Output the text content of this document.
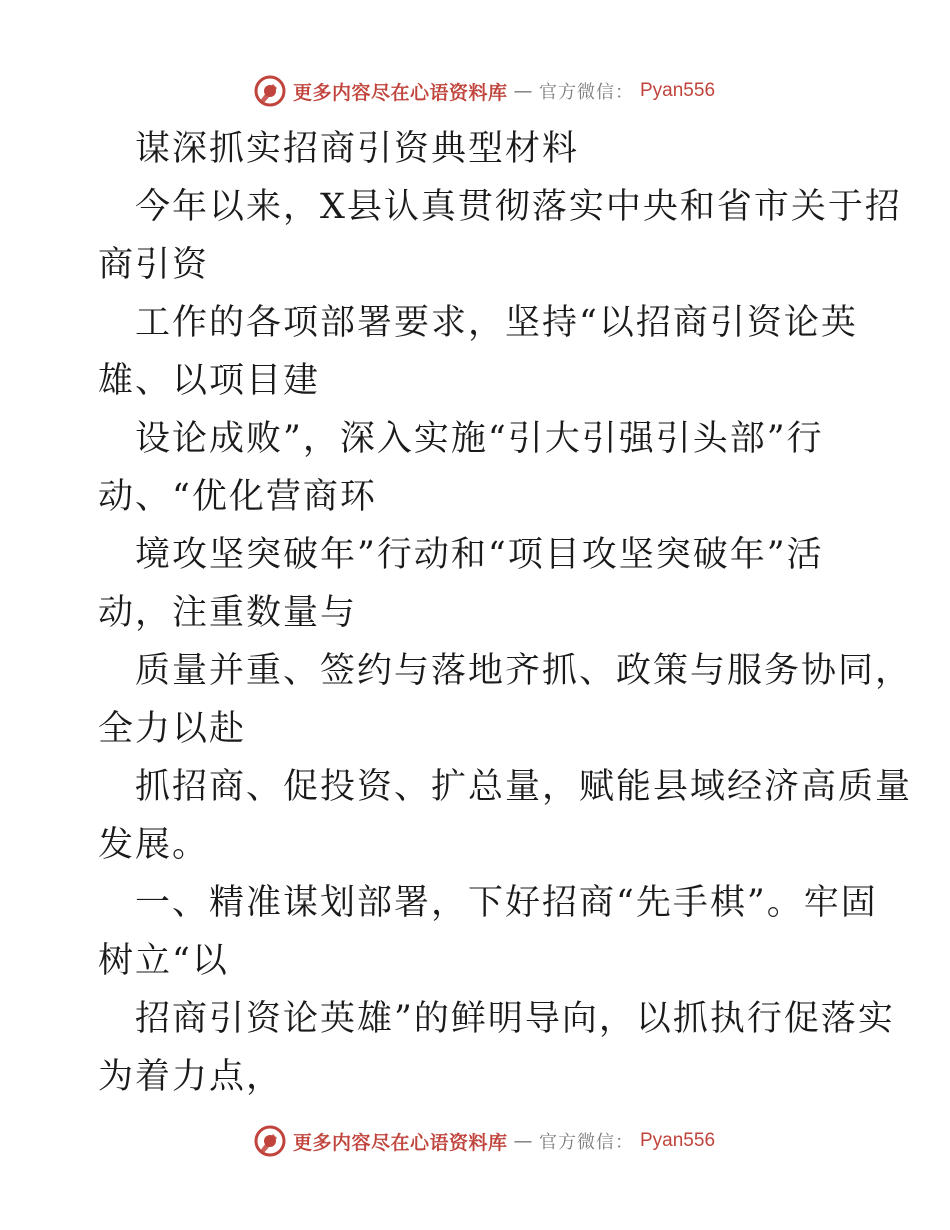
更多内容尽在心语资料库 — 官方微信： Pyan556
谋深抓实招商引资典型材料
今年以来，X县认真贯彻落实中央和省市关于招
商引资
工作的各项部署要求，坚持“以招商引资论英
雄、以项目建
设论成败”，深入实施“引大引强引头部”行
动、“优化营商环
境攻坚突破年”行动和“项目攻坚突破年”活
动，注重数量与
质量并重、签约与落地齐抓、政策与服务协同，
全力以赴
抓招商、促投资、扩总量，赋能县域经济高质量
发展。
一、精准谋划部署，下好招商“先手棋”。牢固
树立“以
招商引资论英雄”的鲜明导向，以抓执行促落实
为着力点，
更多内容尽在心语资料库 — 官方微信： Pyan556
